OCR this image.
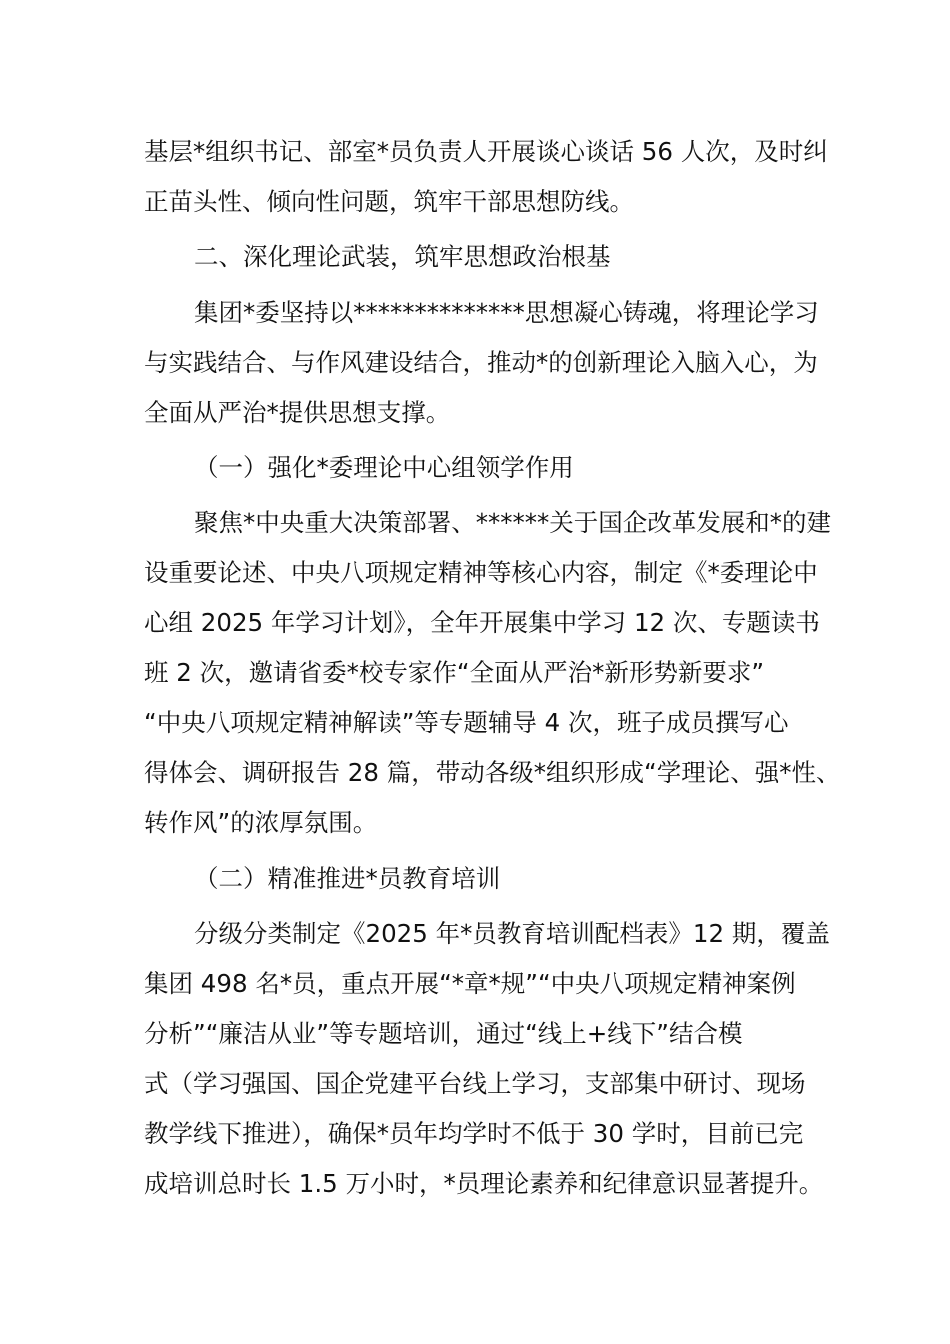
基层*组织书记、部室*员负责人开展谈心谈话 56 人次，及时纠
正苗头性、倾向性问题，筑牢干部思想防线。
二、深化理论武装，筑牢思想政治根基
集团*委坚持以**************思想凝心铸魂，将理论学习
与实践结合、与作风建设结合，推动*的创新理论入脑入心，为
全面从严治*提供思想支撑。
（一）强化*委理论中心组领学作用
聚焦*中央重大决策部署、******关于国企改革发展和*的建
设重要论述、中央八项规定精神等核心内容，制定《*委理论中
心组 2025 年学习计划》，全年开展集中学习 12 次、专题读书
班 2 次，邀请省委*校专家作“全面从严治*新形势新要求”
“中央八项规定精神解读”等专题辅导 4 次，班子成员撰写心
得体会、调研报告 28 篇，带动各级*组织形成“学理论、强*性、
转作风”的浓厚氛围。
（二）精准推进*员教育培训
分级分类制定《2025 年*员教育培训配档表》12 期，覆盖
集团 498 名*员，重点开展“*章*规”“中央八项规定精神案例
分析”“廉洁从业”等专题培训，通过“线上+线下”结合模
式（学习强国、国企党建平台线上学习，支部集中研讨、现场
教学线下推进），确保*员年均学时不低于 30 学时，目前已完
成培训总时长 1.5 万小时，*员理论素养和纪律意识显著提升。
